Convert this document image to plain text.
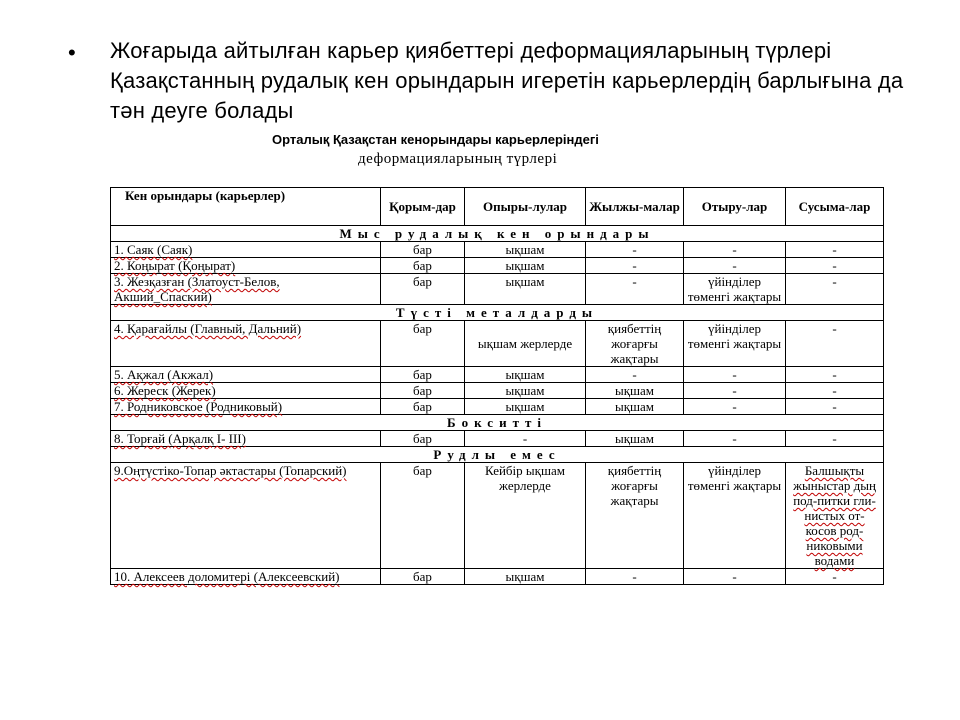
• Жоғарыда айтылған карьер қиябеттері деформацияларының түрлері Қазақстанның рудалық кен орындарын игеретін карьерлердің барлығына да тән деуге болады
Орталық Қазақстан кенорындары карьерлеріндегі
деформацияларының түрлері
Кен орындары (карьерлер)	Қорым-дар	Опыры-лулар	Жылжы-малар	Отыру-лар	Сусыма-лар
Мыс рудалық кен орындары					
1. Саяк (Саяк)	бар	ықшам	-	-	-
2. Коңырат (Қоңырат)	бар	ықшам	-	-	-
3. Жезқазған (Златоуст-Белов, Акший_Спаский)	бар	ықшам	-	үйінділер төменгі жақтары	-
Түсті металдарды					
4. Қарағайлы (Главный, Дальний)	бар	ықшам жерлерде	қиябеттің жоғарғы жақтары	үйінділер төменгі жақтары	-
5. Ақжал (Акжал)	бар	ықшам	-	-	-
6. Жереск (Жерек)	бар	ықшам	ықшам	-	-
7. Родниковское (Родниковый)	бар	ықшам	ықшам	-	-
Бокситті					
8. Торғай (Арқалқ I- III)	бар	-	ықшам	-	-
Рудлы емес					
9.Оңтүстіко-Топар әктастары (Топарский)	бар	Кейбір ықшам жерлерде	қиябеттің жоғарғы жақтары	үйінділер төменгі жақтары	Балшықты жыныстар дың под-питки гли-нистых от-косов род-никовыми водами
10. Алексеев доломитері (Алексеевский)	бар	ықшам	-	-	-
